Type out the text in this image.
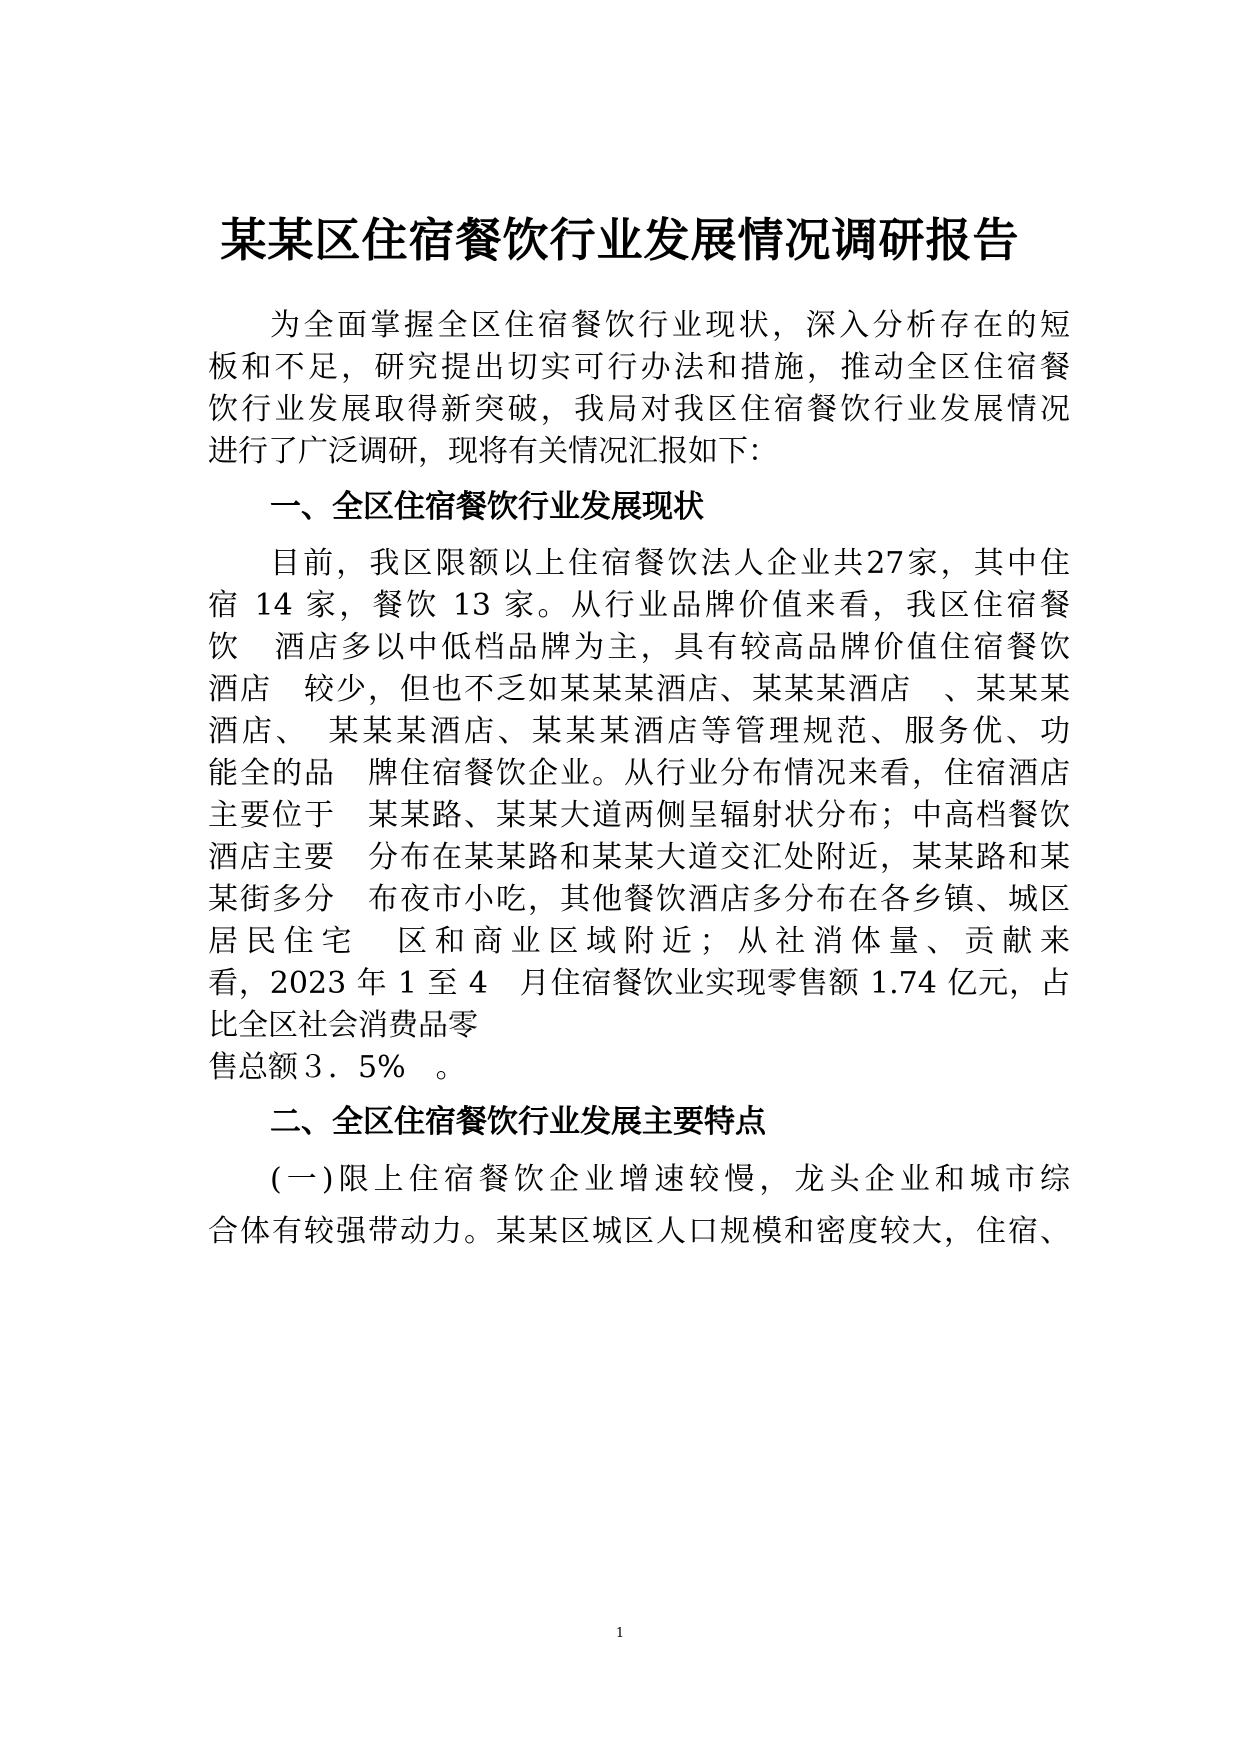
某某区住宿餐饮行业发展情况调研报告

为全面掌握全区住宿餐饮行业现状，深入分析存在的短

板和不足，研究提出切实可行办法和措施，推动全区住宿餐

饮行业发展取得新突破，我局对我区住宿餐饮行业发展情况

进行了广泛调研，现将有关情况汇报如下：

一、全区住宿餐饮行业发展现状

目前，我区限额以上住宿餐饮法人企业共27家，其中住

宿 14 家，餐饮 13 家。从行业品牌价值来看，我区住宿餐

饮　酒店多以中低档品牌为主，具有较高品牌价值住宿餐饮

酒店　较少，但也不乏如某某某酒店、某某某酒店　、某某某

酒店、　某某某酒店、某某某酒店等管理规范、服务优、功

能全的品　牌住宿餐饮企业。从行业分布情况来看，住宿酒店

主要位于　某某路、某某大道两侧呈辐射状分布；中高档餐饮

酒店主要　分布在某某路和某某大道交汇处附近，某某路和某

某街多分　布夜市小吃，其他餐饮酒店多分布在各乡镇、城区

居民住宅　区和商业区域附近；从社消体量、贡献来

看，2023 年 1 至 4　月住宿餐饮业实现零售额 1.74 亿元，占

比全区社会消费品零

售总额３．5%　。

二、全区住宿餐饮行业发展主要特点

(一)限上住宿餐饮企业增速较慢，龙头企业和城市综

合体有较强带动力。某某区城区人口规模和密度较大，住宿、

1
